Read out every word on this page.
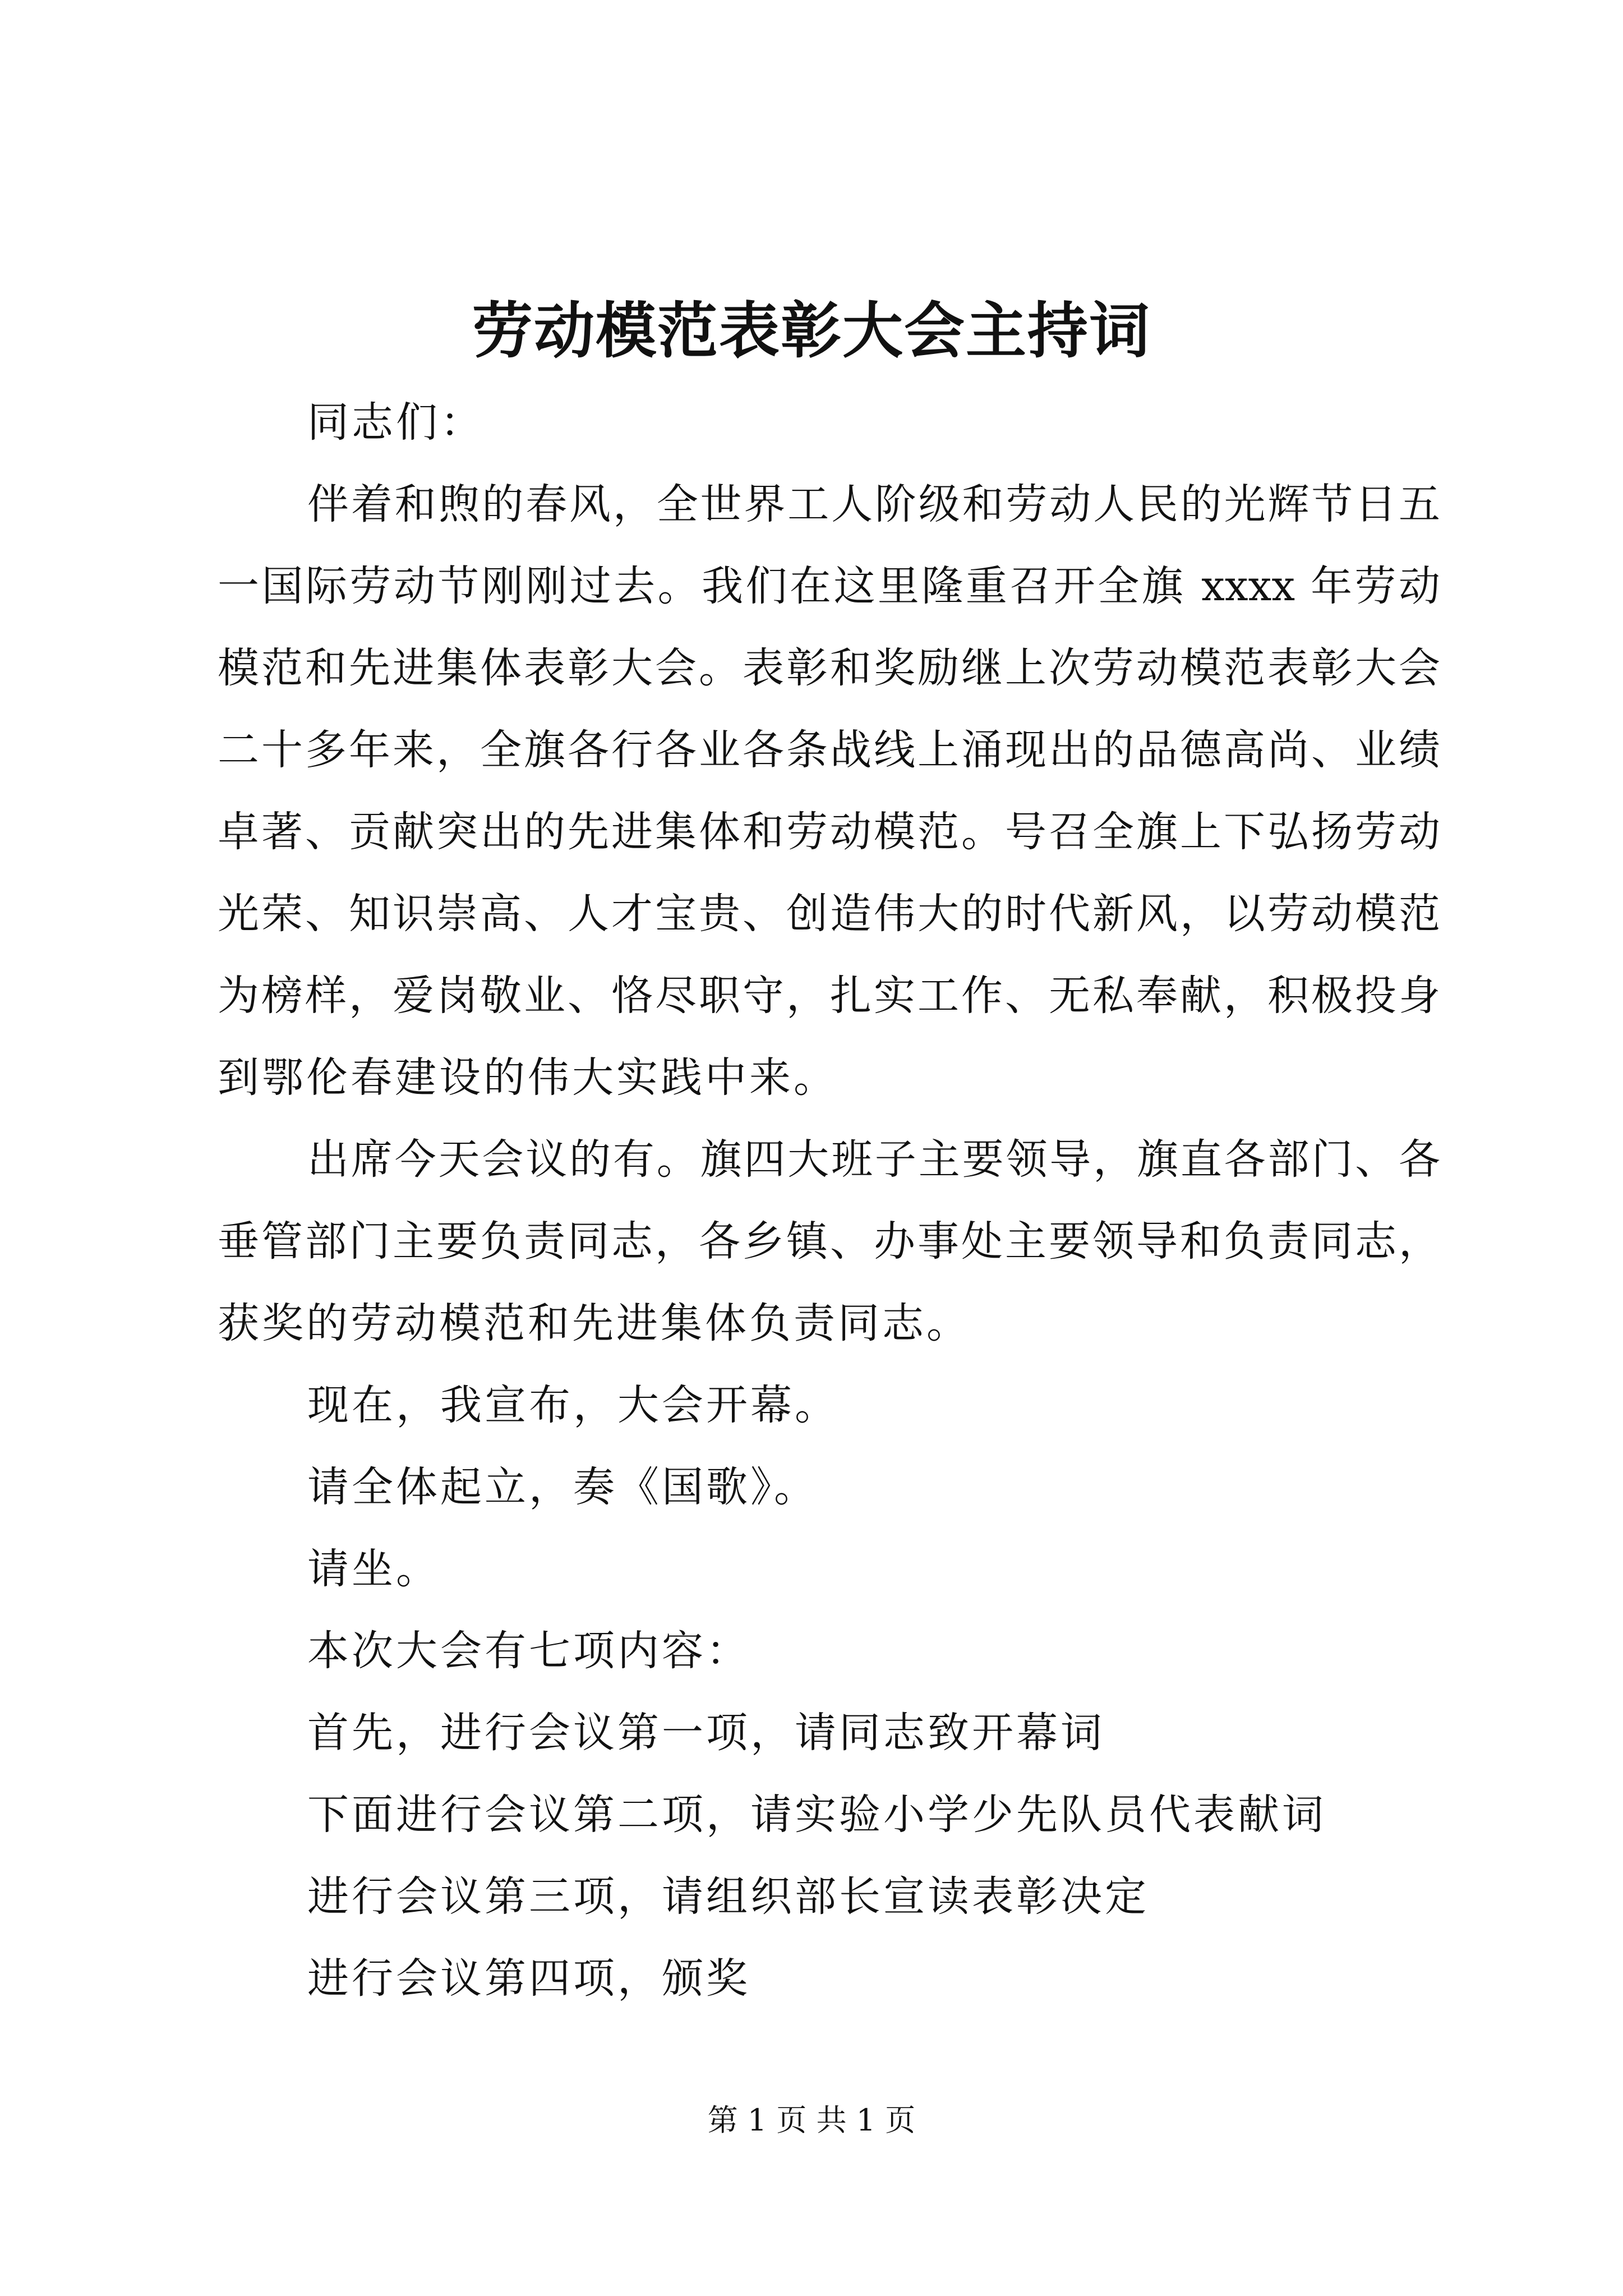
劳动模范表彰大会主持词
同志们：
伴着和煦的春风，全世界工人阶级和劳动人民的光辉节日五
一国际劳动节刚刚过去。我们在这里隆重召开全旗 xxxx 年劳动
模范和先进集体表彰大会。表彰和奖励继上次劳动模范表彰大会
二十多年来，全旗各行各业各条战线上涌现出的品德高尚、业绩
卓著、贡献突出的先进集体和劳动模范。号召全旗上下弘扬劳动
光荣、知识崇高、人才宝贵、创造伟大的时代新风，以劳动模范
为榜样，爱岗敬业、恪尽职守，扎实工作、无私奉献，积极投身
到鄂伦春建设的伟大实践中来。
出席今天会议的有。旗四大班子主要领导，旗直各部门、各
垂管部门主要负责同志，各乡镇、办事处主要领导和负责同志，
获奖的劳动模范和先进集体负责同志。
现在，我宣布，大会开幕。
请全体起立，奏《国歌》。
请坐。
本次大会有七项内容：
首先，进行会议第一项，请同志致开幕词
下面进行会议第二项，请实验小学少先队员代表献词
进行会议第三项，请组织部长宣读表彰决定
进行会议第四项，颁奖
第 1 页 共 1 页
